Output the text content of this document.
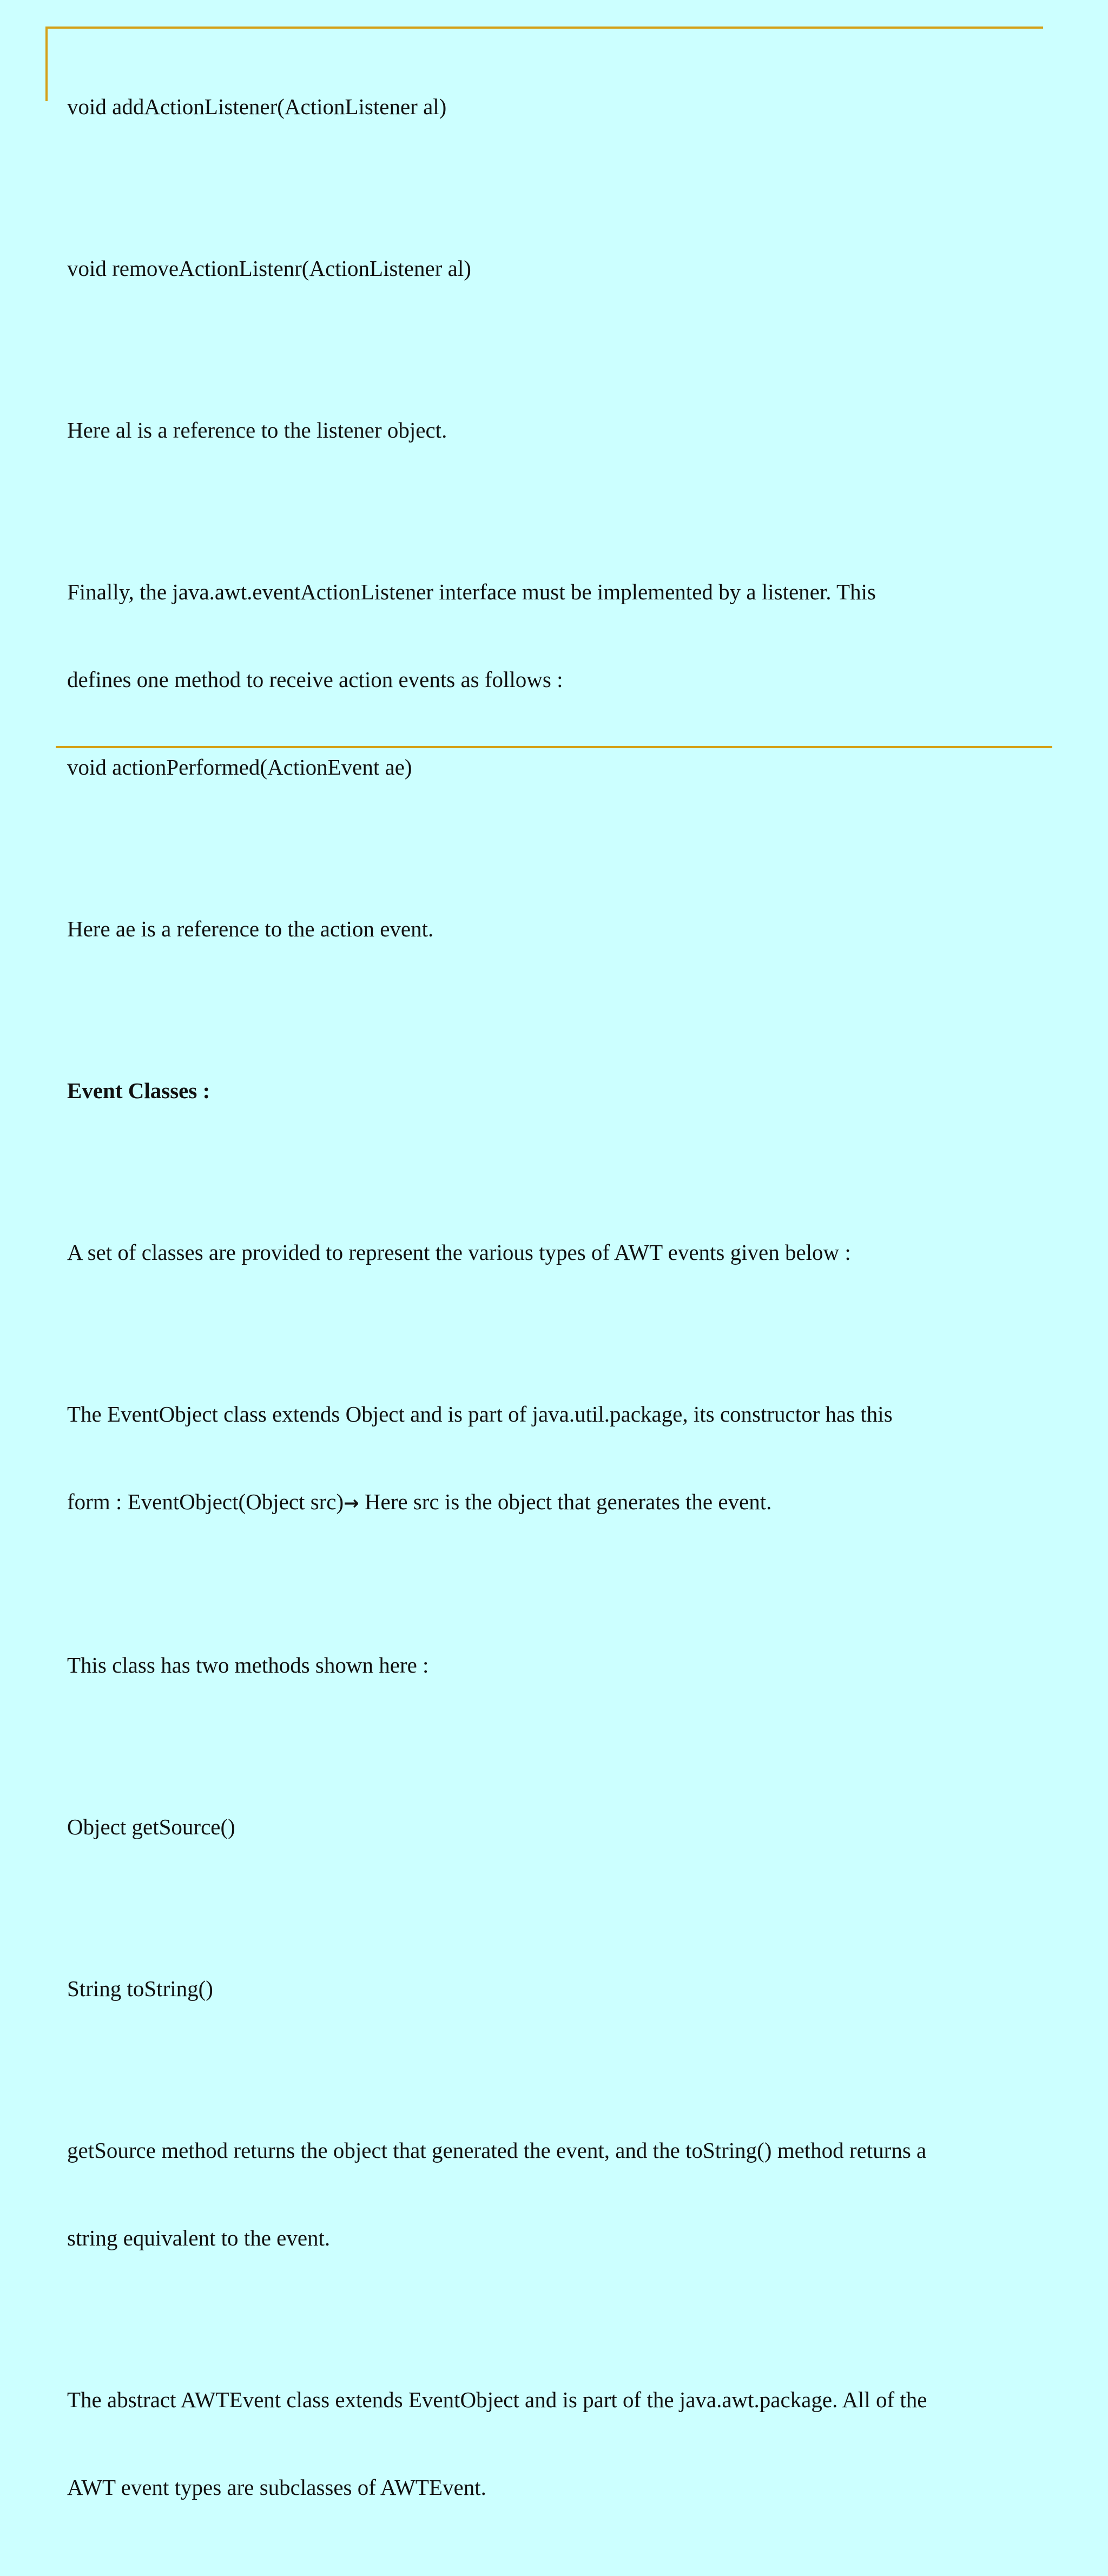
void addActionListener(ActionListener al)

void removeActionListenr(ActionListener al)

Here al is a reference to the listener object.

Finally, the java.awt.eventActionListener interface must be implemented by a listener. This

defines one method to receive action events as follows :

void actionPerformed(ActionEvent ae)

Here ae is a reference to the action event.

Event Classes :

A set of classes are provided to represent the various types of AWT events given below :

The EventObject class extends Object and is part of java.util.package, its constructor has this

form : EventObject(Object src)→ Here src is the object that generates the event.

This class has two methods shown here :

Object getSource()

String toString()

getSource method returns the object that generated the event, and the toString() method returns a

string equivalent to the event.

The abstract AWTEvent class extends EventObject and is part of the java.awt.package. All of the

AWT event types are subclasses of AWTEvent.
